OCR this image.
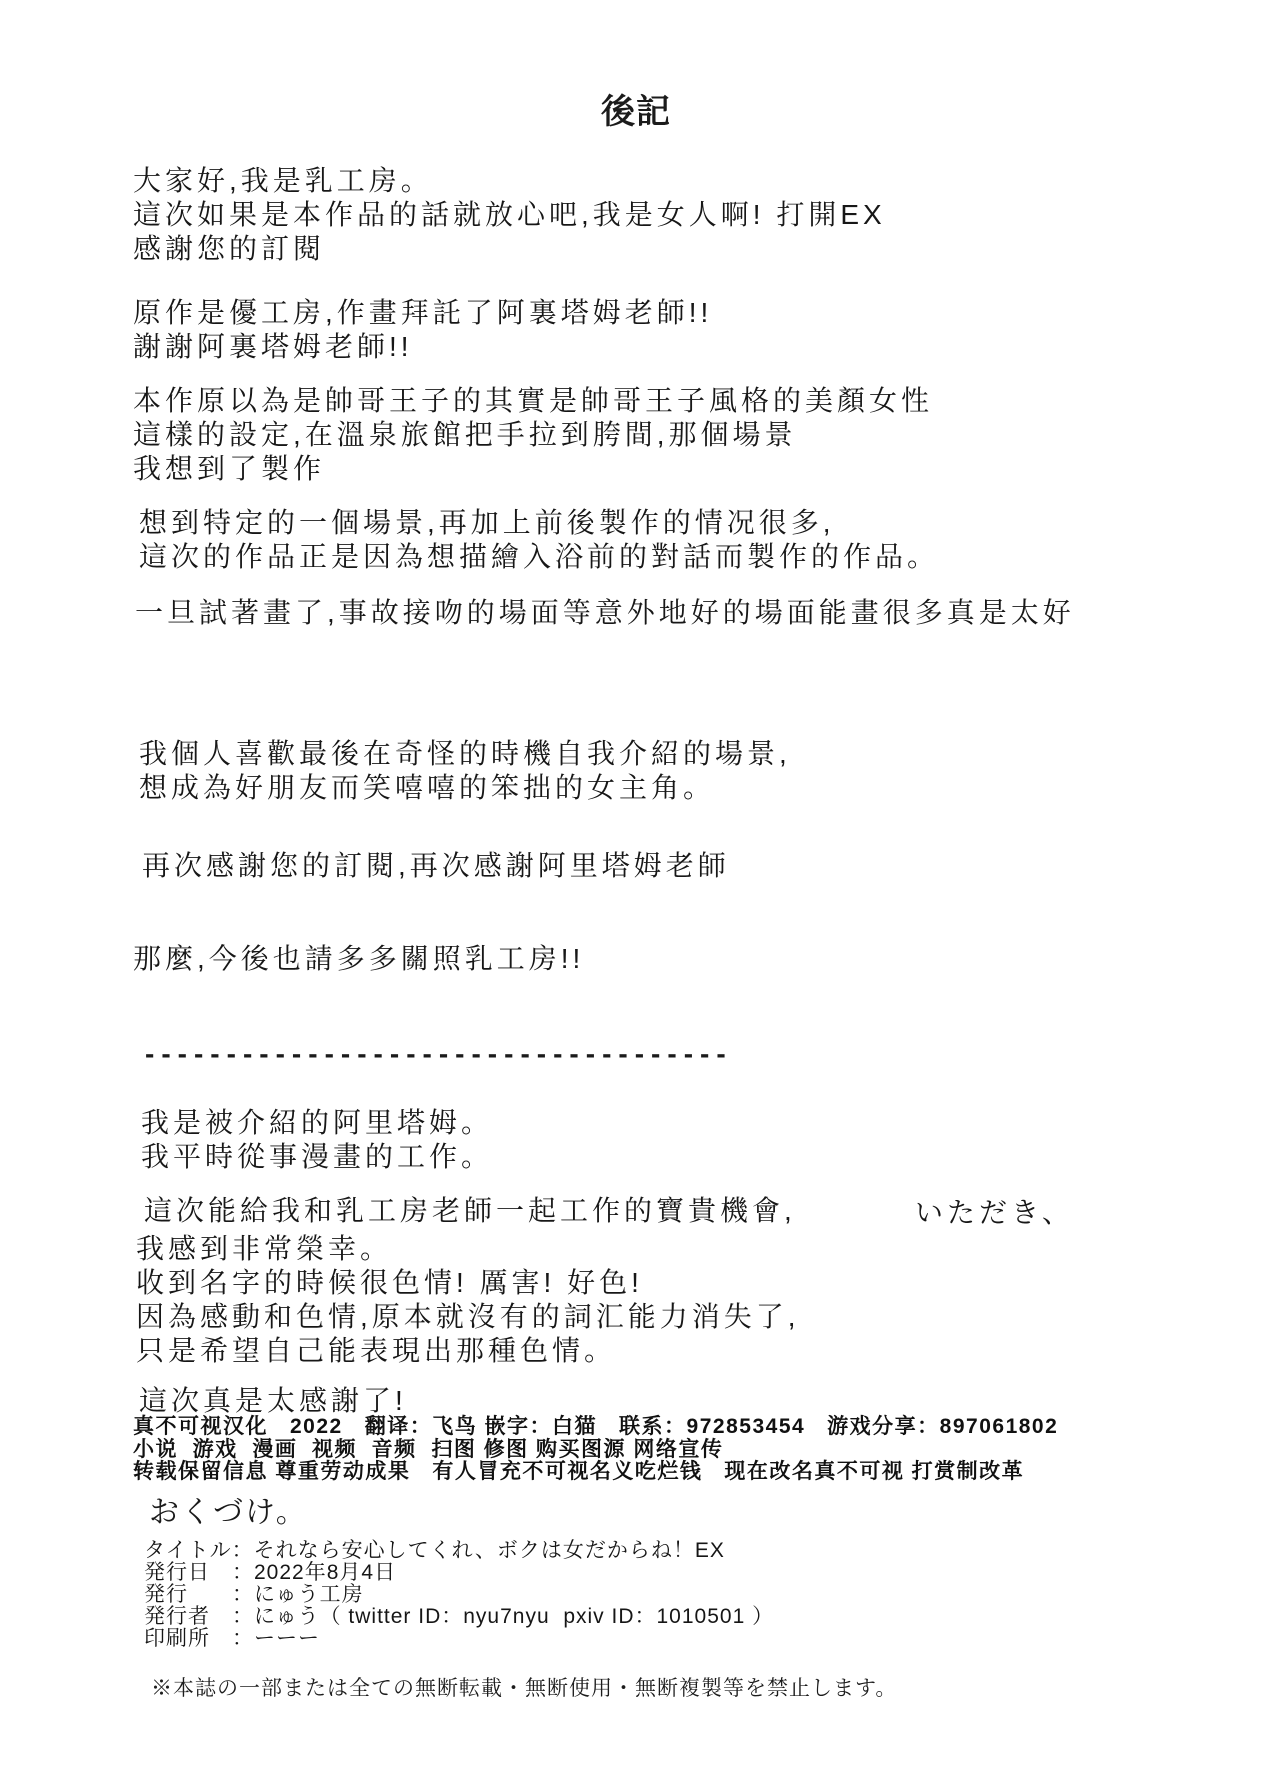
後記
大家好,我是乳工房。
這次如果是本作品的話就放心吧,我是女人啊! 打開EX
感謝您的訂閱
原作是優工房,作畫拜託了阿裏塔姆老師!!
謝謝阿裏塔姆老師!!
本作原以為是帥哥王子的其實是帥哥王子風格的美顏女性
這樣的設定,在溫泉旅館把手拉到胯間,那個場景
我想到了製作
想到特定的一個場景,再加上前後製作的情况很多,
這次的作品正是因為想描繪入浴前的對話而製作的作品。
一旦試著畫了,事故接吻的場面等意外地好的場面能畫很多真是太好
我個人喜歡最後在奇怪的時機自我介紹的場景,
想成為好朋友而笑嘻嘻的笨拙的女主角。
再次感謝您的訂閱,再次感謝阿里塔姆老師
那麼,今後也請多多關照乳工房!!
------------------------------------
我是被介紹的阿里塔姆。
我平時從事漫畫的工作。
這次能給我和乳工房老師一起工作的寶貴機會,	いただき、
我感到非常榮幸。
收到名字的時候很色情! 厲害! 好色!
因為感動和色情,原本就沒有的詞汇能力消失了,
只是希望自己能表現出那種色情。
這次真是太感謝了!
真不可视汉化   2022   翻译：飞鸟 嵌字：白猫   联系：972853454   游戏分享：897061802
小说  游戏  漫画  视频  音频  扫图 修图 购买图源 网络宣传
转载保留信息 尊重劳动成果   有人冒充不可视名义吃烂钱   现在改名真不可视 打赏制改革
おくづけ。
タイトル：それなら安心してくれ、ボクは女だからね！EX
発行日　：2022年8月4日
発行　　：にゅう工房
発行者　：にゅう（ twitter ID：nyu7nyu  pxiv ID：1010501 ）
印刷所　：ーーー
※本誌の一部または全ての無断転載・無断使用・無断複製等を禁止します。
